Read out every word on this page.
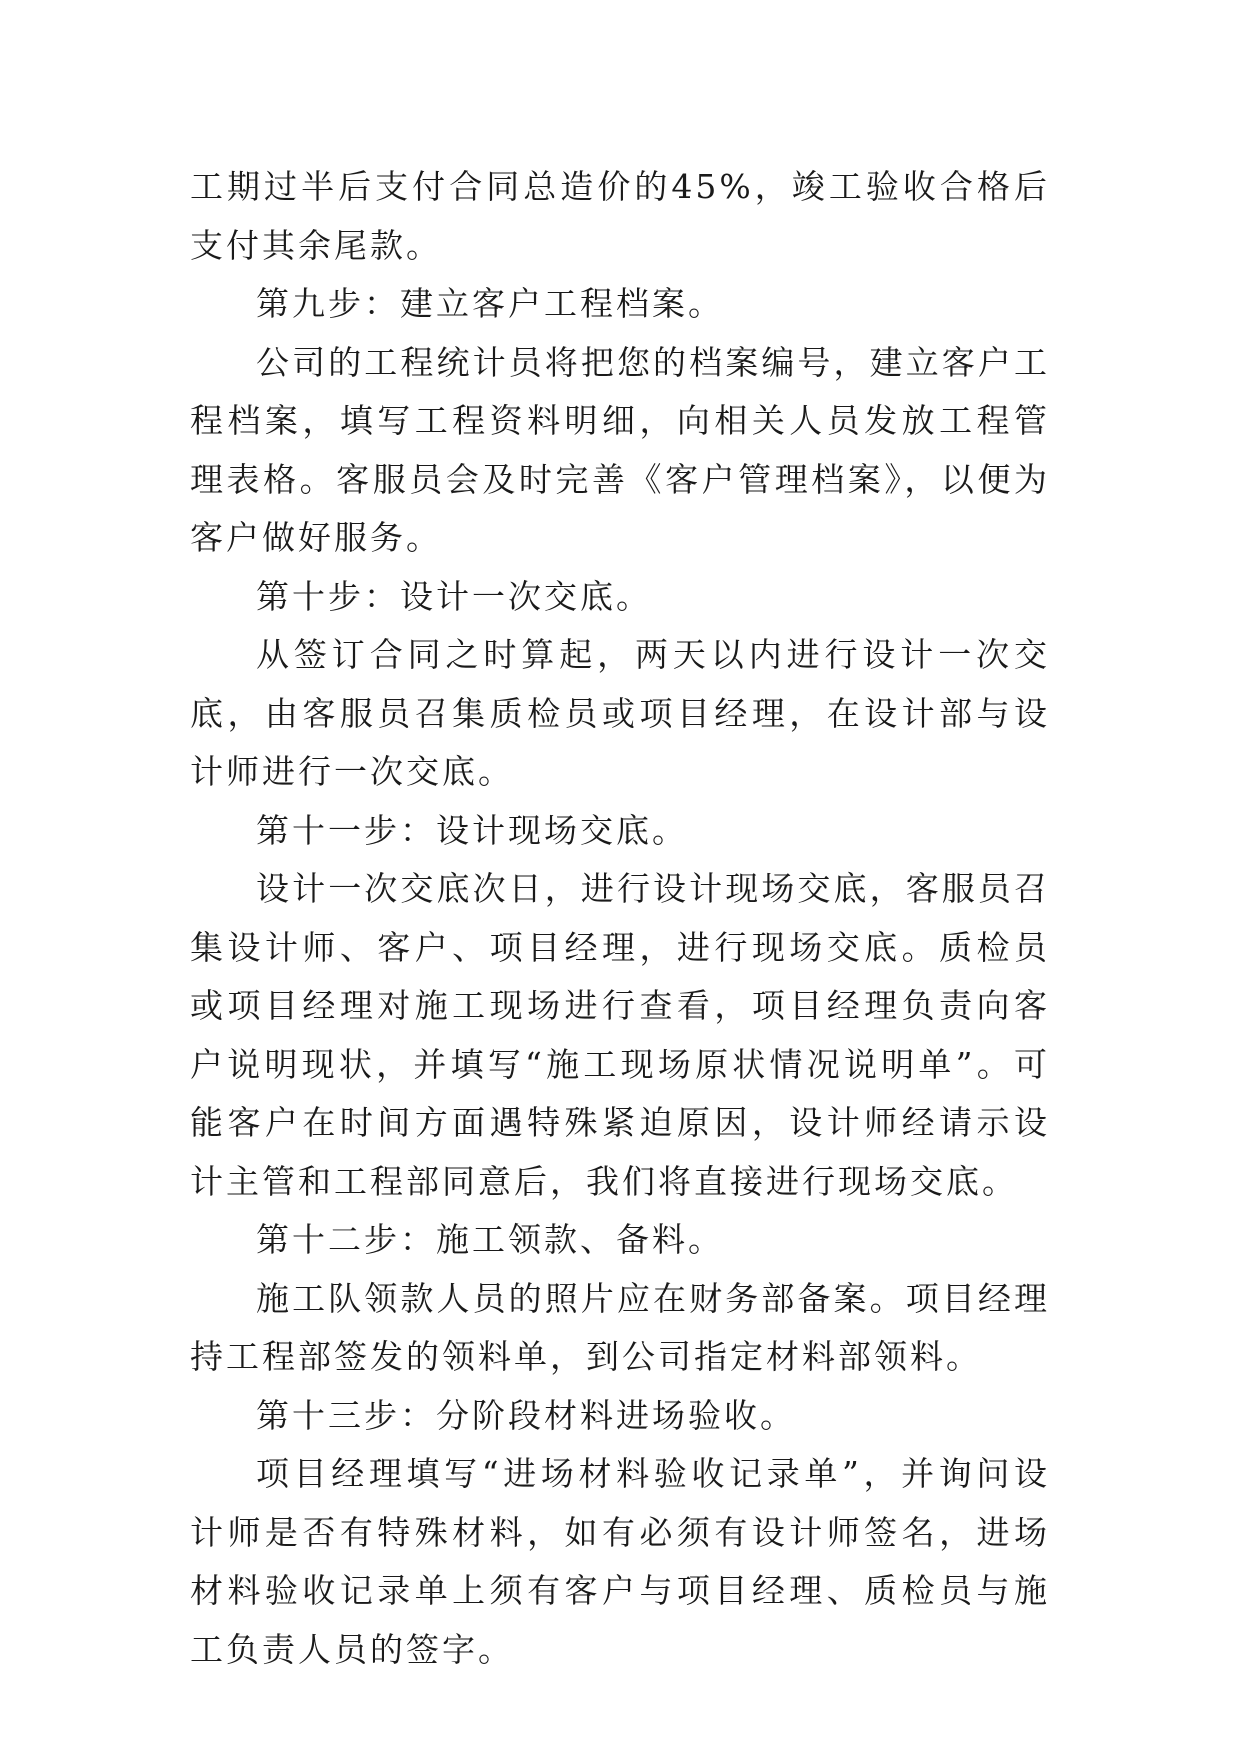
工期过半后支付合同总造价的45%，竣工验收合格后支付其余尾款。

第九步：建立客户工程档案。

公司的工程统计员将把您的档案编号，建立客户工程档案，填写工程资料明细，向相关人员发放工程管理表格。客服员会及时完善《客户管理档案》，以便为客户做好服务。

第十步：设计一次交底。

从签订合同之时算起，两天以内进行设计一次交底，由客服员召集质检员或项目经理，在设计部与设计师进行一次交底。

第十一步：设计现场交底。

设计一次交底次日，进行设计现场交底，客服员召集设计师、客户、项目经理，进行现场交底。质检员或项目经理对施工现场进行查看，项目经理负责向客户说明现状，并填写“施工现场原状情况说明单”。可能客户在时间方面遇特殊紧迫原因，设计师经请示设计主管和工程部同意后，我们将直接进行现场交底。

第十二步：施工领款、备料。

施工队领款人员的照片应在财务部备案。项目经理持工程部签发的领料单，到公司指定材料部领料。

第十三步：分阶段材料进场验收。

项目经理填写“进场材料验收记录单”，并询问设计师是否有特殊材料，如有必须有设计师签名，进场材料验收记录单上须有客户与项目经理、质检员与施工负责人员的签字。
